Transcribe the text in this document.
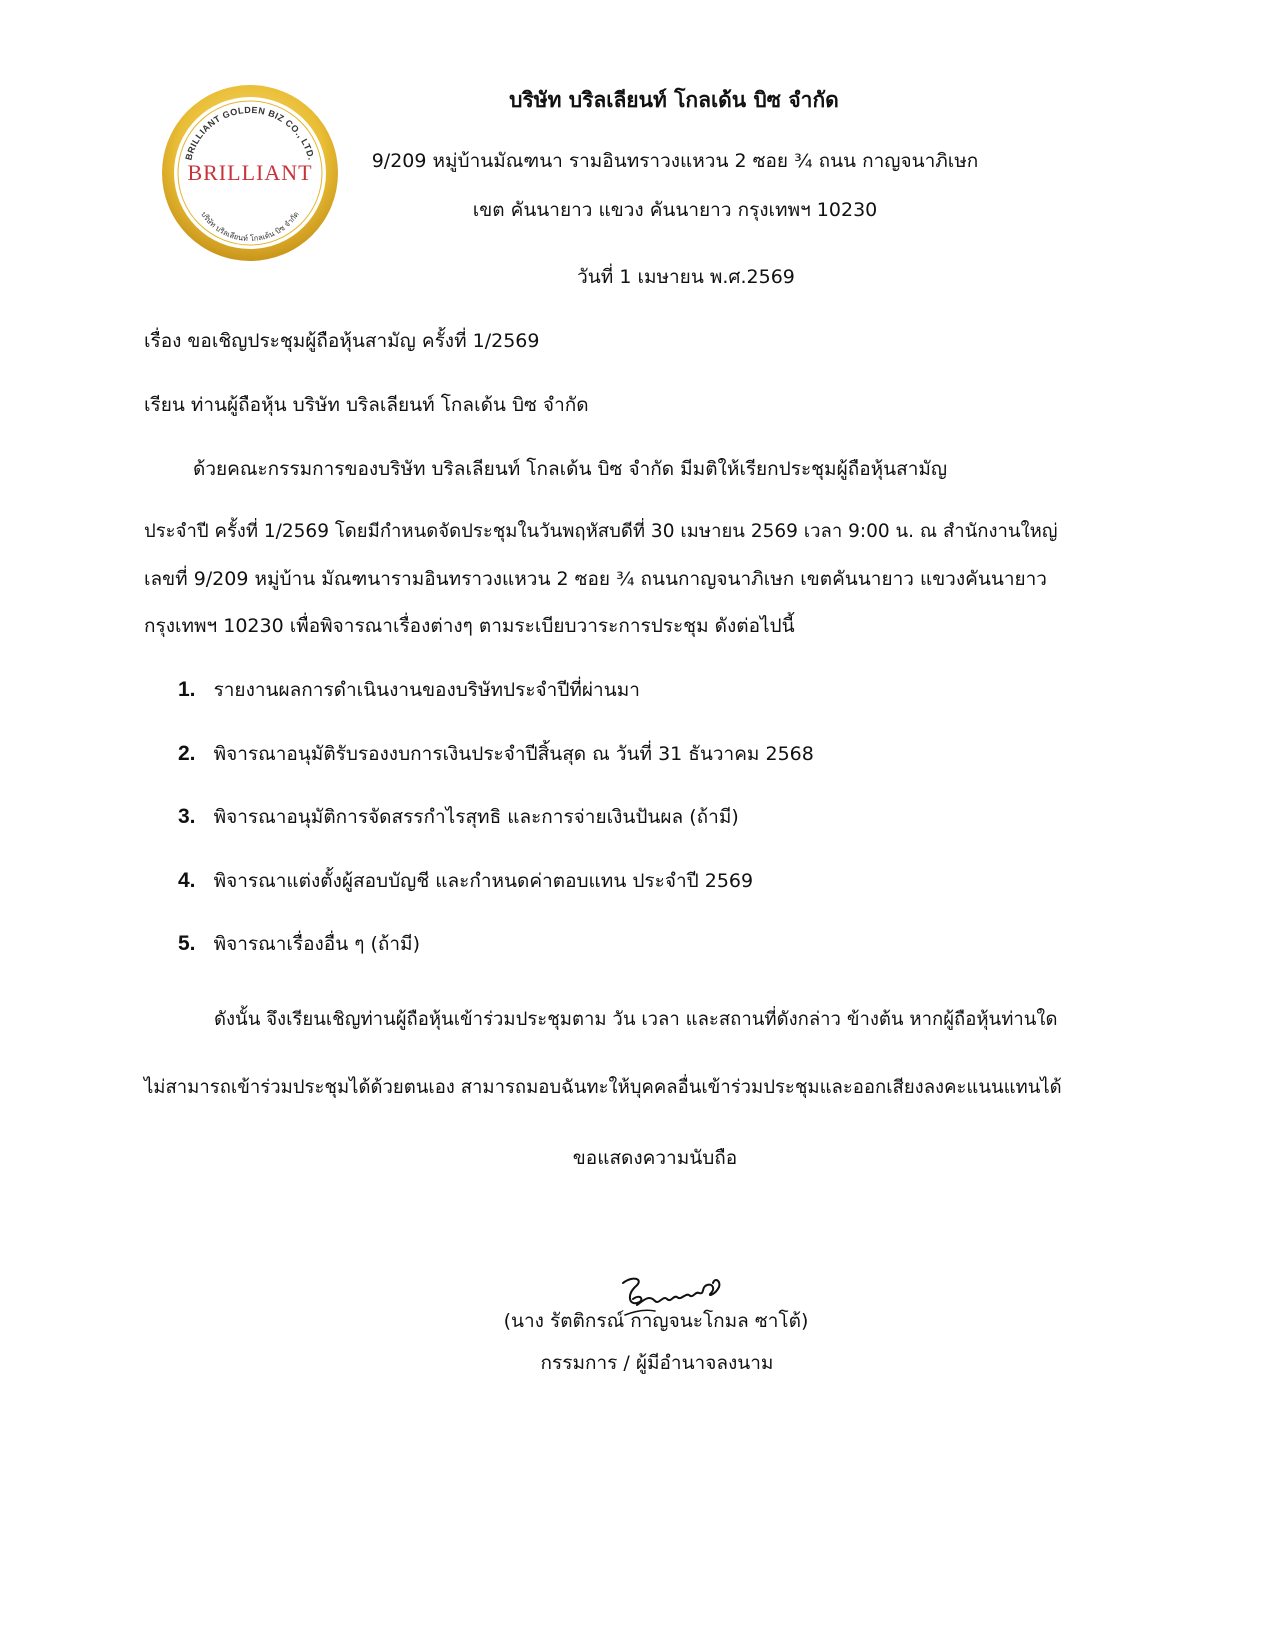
BRILLIANT GOLDEN BIZ CO., LTD.
BRILLIANT
บริษัท บริลเลียนท์ โกลเด้น บิซ จำกัด
บริษัท บริลเลียนท์ โกลเด้น บิซ จำกัด
9/209 หมู่บ้านมัณฑนา รามอินทราวงแหวน 2 ซอย ¾ ถนน กาญจนาภิเษก
เขต คันนายาว แขวง คันนายาว กรุงเทพฯ 10230
วันที่ 1 เมษายน พ.ศ.2569
เรื่อง ขอเชิญประชุมผู้ถือหุ้นสามัญ ครั้งที่ 1/2569
เรียน ท่านผู้ถือหุ้น บริษัท บริลเลียนท์ โกลเด้น บิซ จำกัด
ด้วยคณะกรรมการของบริษัท บริลเลียนท์ โกลเด้น บิซ จำกัด มีมติให้เรียกประชุมผู้ถือหุ้นสามัญ
ประจำปี ครั้งที่ 1/2569 โดยมีกำหนดจัดประชุมในวันพฤหัสบดีที่ 30 เมษายน 2569 เวลา 9:00 น. ณ สำนักงานใหญ่
เลขที่ 9/209 หมู่บ้าน มัณฑนารามอินทราวงแหวน 2 ซอย ¾ ถนนกาญจนาภิเษก เขตคันนายาว แขวงคันนายาว
กรุงเทพฯ 10230 เพื่อพิจารณาเรื่องต่างๆ ตามระเบียบวาระการประชุม ดังต่อไปนี้
1. รายงานผลการดำเนินงานของบริษัทประจำปีที่ผ่านมา
2. พิจารณาอนุมัติรับรองงบการเงินประจำปีสิ้นสุด ณ วันที่ 31 ธันวาคม 2568
3. พิจารณาอนุมัติการจัดสรรกำไรสุทธิ และการจ่ายเงินปันผล (ถ้ามี)
4. พิจารณาแต่งตั้งผู้สอบบัญชี และกำหนดค่าตอบแทน ประจำปี 2569
5. พิจารณาเรื่องอื่น ๆ (ถ้ามี)
ดังนั้น จึงเรียนเชิญท่านผู้ถือหุ้นเข้าร่วมประชุมตาม วัน เวลา และสถานที่ดังกล่าว ข้างต้น หากผู้ถือหุ้นท่านใด
ไม่สามารถเข้าร่วมประชุมได้ด้วยตนเอง สามารถมอบฉันทะให้บุคคลอื่นเข้าร่วมประชุมและออกเสียงลงคะแนนแทนได้
ขอแสดงความนับถือ
(นาง รัตติกรณ์ กาญจนะโกมล ซาโต้)
กรรมการ / ผู้มีอำนาจลงนาม
